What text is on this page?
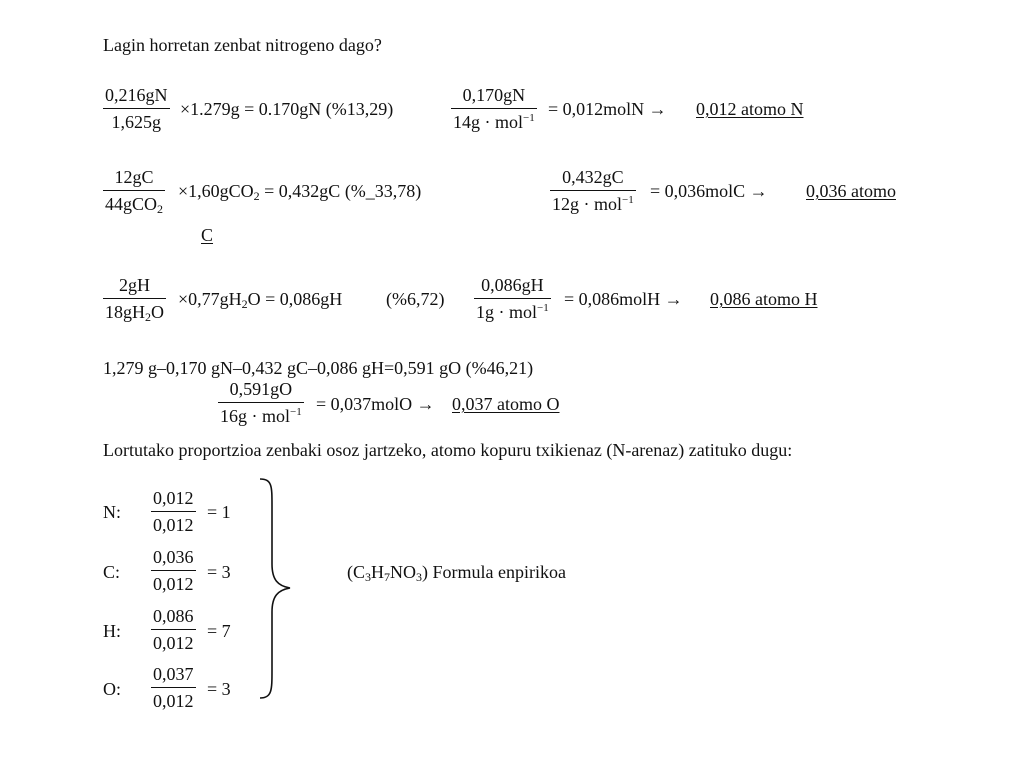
Lagin horretan zenbat nitrogeno dago?
$\frac{0,216gN}{1,625g} \times 1.279g = 0.170gN$ (%13,29)
0,170gN
14g · mol$^{-1}$ = 0,012molN → 0,012 atomo N
12gC
44gCO$_2$
×1,60gCO$_2$ = 0,432gC (%_33,78)
0,432gC
12g · mol$^{-1}$ = 0,036molC → 0,036 atomo
C
$\frac{2gH}{18gH_2O} \times 0,77gH_2O = 0,086gH$ (%6,72)
0,086gH
1g · mol$^{-1}$ = 0,086molH → 0,086 atomo H
1,279 g–0,170 gN–0,432 gC–0,086 gH=0,591 gO (%46,21)
0,591gO
16g · mol$^{-1}$ = 0,037molO → 0,037 atomo O
Lortutako proportzioa zenbaki osoz jartzeko, atomo kopuru txikienaz (N-arenaz) zatituko dugu:
N: $\frac{0,012}{0,012} = 1$
C: $\frac{0,036}{0,012} = 3$
H: $\frac{0,086}{0,012} = 7$
O: $\frac{0,037}{0,012} = 3$
$(C_3H_7NO_3)$ Formula enpirikoa
